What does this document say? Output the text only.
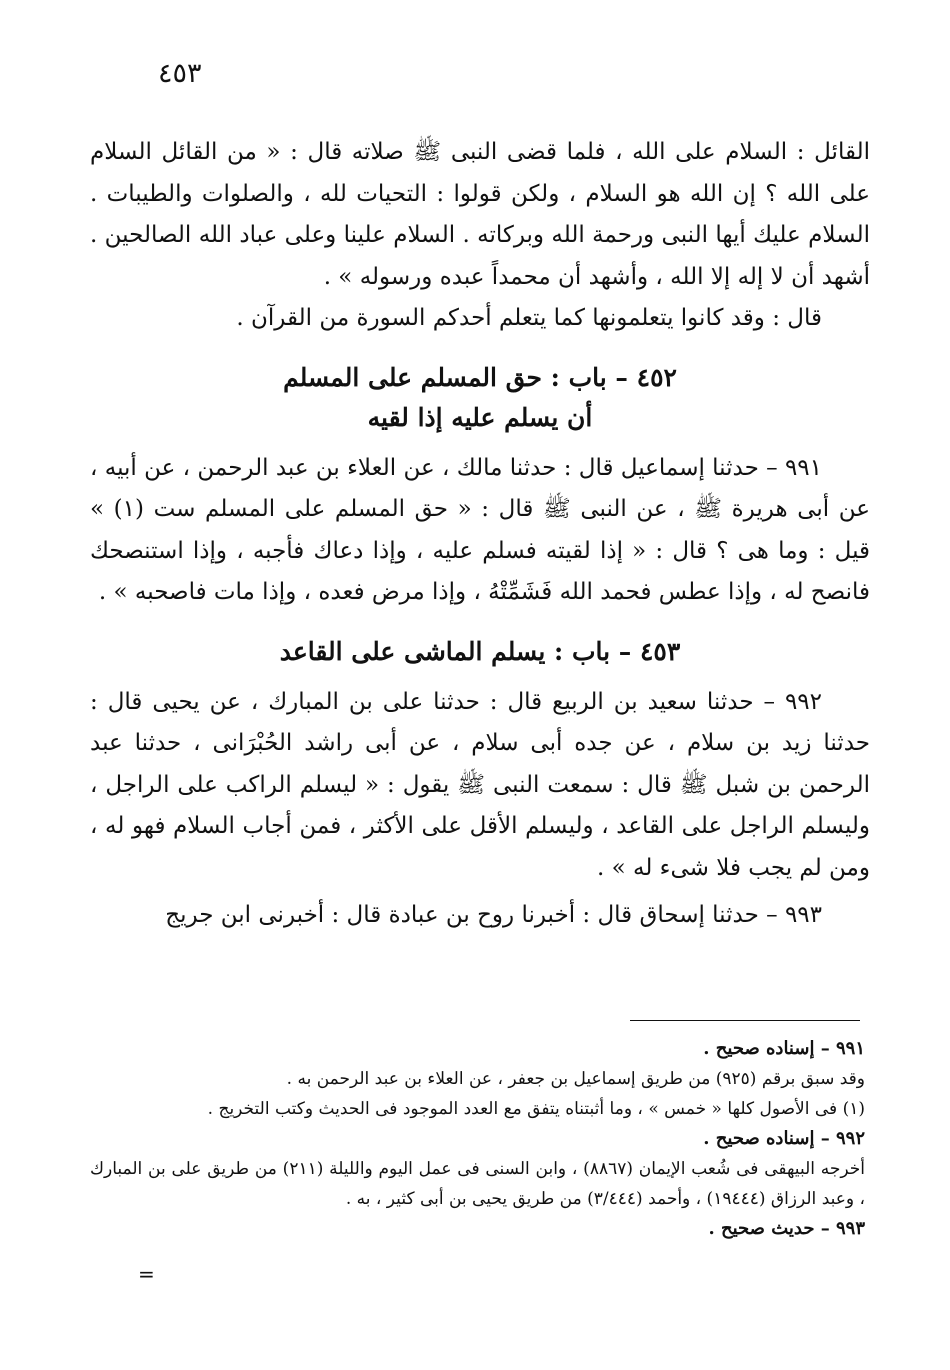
٤٥٣

القائل : السلام على الله ، فلما قضى النبى ﷺ صلاته قال : « من القائل السلام على الله ؟ إن الله هو السلام ، ولكن قولوا : التحيات لله ، والصلوات والطيبات . السلام عليك أيها النبى ورحمة الله وبركاته . السلام علينا وعلى عباد الله الصالحين . أشهد أن لا إله إلا الله ، وأشهد أن محمداً عبده ورسوله » .

قال : وقد كانوا يتعلمونها كما يتعلم أحدكم السورة من القرآن .

٤٥٢ – باب : حق المسلم على المسلم

أن يسلم عليه إذا لقيه

٩٩١ – حدثنا إسماعيل قال : حدثنا مالك ، عن العلاء بن عبد الرحمن ، عن أبيه ، عن أبى هريرة ﷺ ، عن النبى ﷺ قال : « حق المسلم على المسلم ست (١) » قيل : وما هى ؟ قال : « إذا لقيته فسلم عليه ، وإذا دعاك فأجبه ، وإذا استنصحك فانصح له ، وإذا عطس فحمد الله فَشَمِّتْهُ ، وإذا مرض فعده ، وإذا مات فاصحبه » .

٤٥٣ – باب : يسلم الماشى على القاعد

٩٩٢ – حدثنا سعيد بن الربيع قال : حدثنا على بن المبارك ، عن يحيى قال : حدثنا زيد بن سلام ، عن جده أبى سلام ، عن أبى راشد الحُبْرَانى ، حدثنا عبد الرحمن بن شبل ﷺ قال : سمعت النبى ﷺ يقول : « ليسلم الراكب على الراجل ، وليسلم الراجل على القاعد ، وليسلم الأقل على الأكثر ، فمن أجاب السلام فهو له ، ومن لم يجب فلا شىء له » .

٩٩٣ – حدثنا إسحاق قال : أخبرنا روح بن عبادة قال : أخبرنى ابن جريج

٩٩١ – إسناده صحيح .

وقد سبق برقم (٩٢٥) من طريق إسماعيل بن جعفر ، عن العلاء بن عبد الرحمن به .

(١) فى الأصول كلها « خمس » ، وما أثبتناه يتفق مع العدد الموجود فى الحديث وكتب التخريج .

٩٩٢ – إسناده صحيح .

أخرجه البيهقى فى شُعب الإيمان (٨٨٦٧) ، وابن السنى فى عمل اليوم والليلة (٢١١) من طريق على بن المبارك ، وعبد الرزاق (١٩٤٤٤) ، وأحمد (٣/٤٤٤) من طريق يحيى بن أبى كثير ، به .

٩٩٣ – حديث صحيح .

=
